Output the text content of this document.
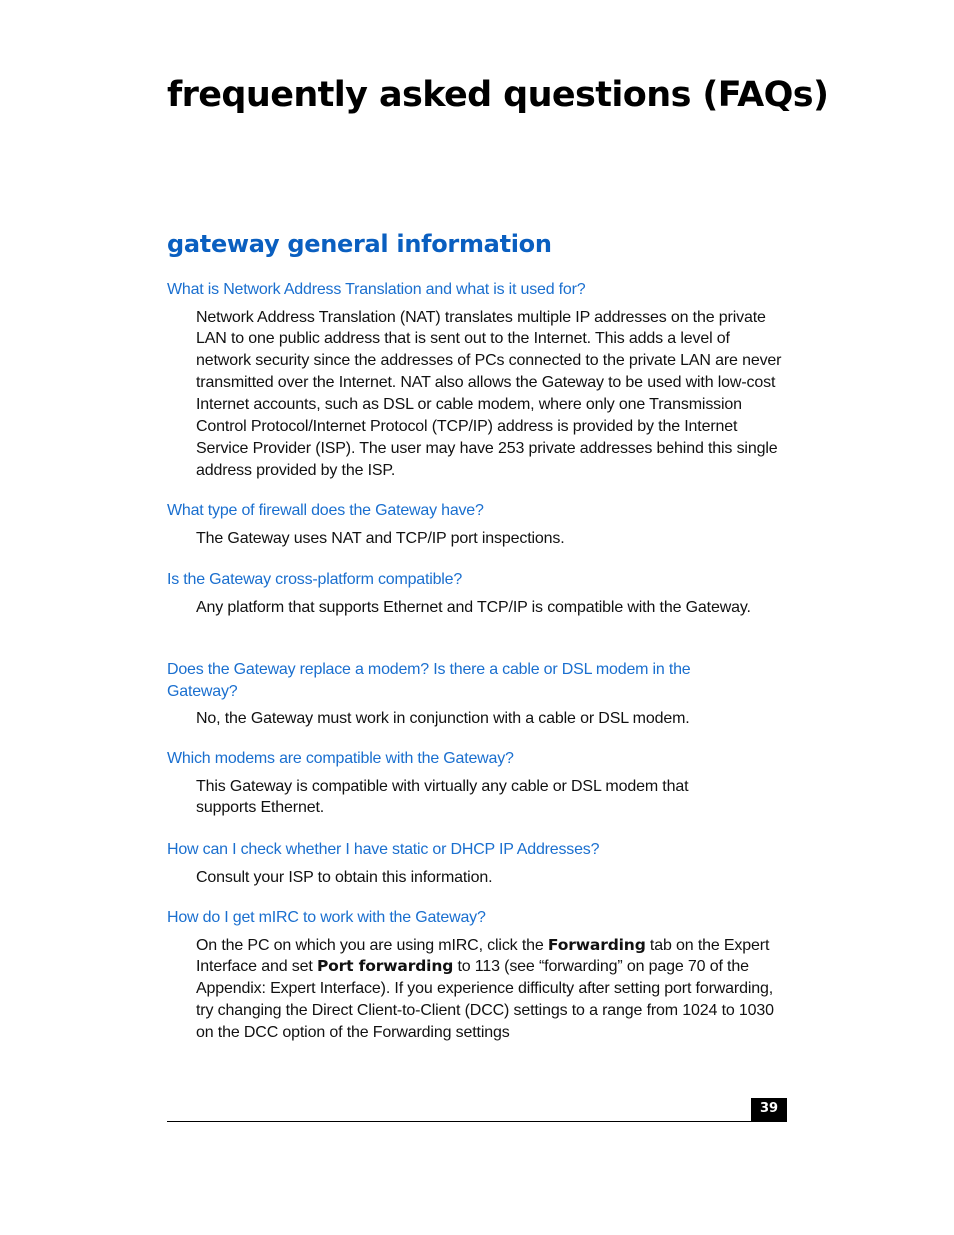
frequently asked questions (FAQs)
gateway general information

What is Network Address Translation and what is it used for?

Network Address Translation (NAT) translates multiple IP addresses on the private LAN to one public address that is sent out to the Internet. This adds a level of network security since the addresses of PCs connected to the private LAN are never transmitted over the Internet. NAT also allows the Gateway to be used with low-cost Internet accounts, such as DSL or cable modem, where only one Transmission Control Protocol/Internet Protocol (TCP/IP) address is provided by the Internet Service Provider (ISP). The user may have 253 private addresses behind this single address provided by the ISP.

What type of firewall does the Gateway have?

The Gateway uses NAT and TCP/IP port inspections.

Is the Gateway cross-platform compatible?

Any platform that supports Ethernet and TCP/IP is compatible with the Gateway.

Does the Gateway replace a modem? Is there a cable or DSL modem in the Gateway?

No, the Gateway must work in conjunction with a cable or DSL modem.

Which modems are compatible with the Gateway?

This Gateway is compatible with virtually any cable or DSL modem that supports Ethernet.

How can I check whether I have static or DHCP IP Addresses?

Consult your ISP to obtain this information.

How do I get mIRC to work with the Gateway?

On the PC on which you are using mIRC, click the Forwarding tab on the Expert Interface and set Port forwarding to 113 (see “forwarding” on page 70 of the Appendix: Expert Interface). If you experience difficulty after setting port forwarding, try changing the Direct Client-to-Client (DCC) settings to a range from 1024 to 1030 on the DCC option of the Forwarding settings

39
